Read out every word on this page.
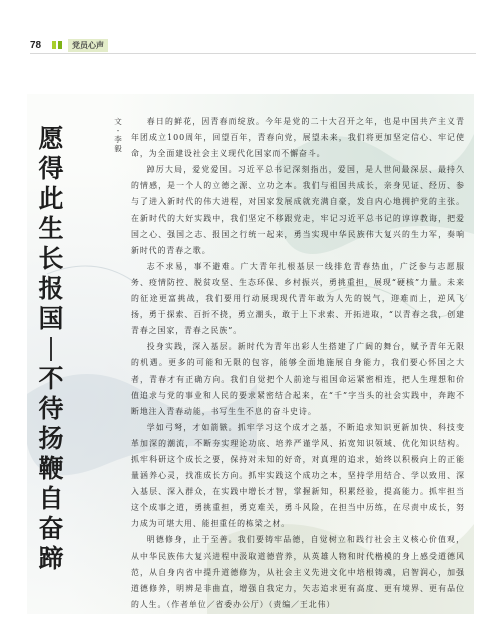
78	党员心声
愿
得
此
生
长
报
国
不
待
扬
鞭
自
奋
蹄
文
-
李
毅

春日的鲜花，因青春而绽放。今年是党的二十大召开之年，也是中国共产主义青年团成立100周年，回望百年，青春向党，展望未来，我们将更加坚定信心、牢记使命，为全面建设社会主义现代化国家而不懈奋斗。

踔厉大局，爱党爱国。习近平总书记深刻指出，爱国，是人世间最深层、最持久的情感，是一个人的立德之源、立功之本。我们与祖国共成长，亲身见证、经历、参与了进入新时代的伟大进程，对国家发展成就充满自豪，发自内心地拥护党的主张。在新时代的大好实践中，我们坚定不移跟党走，牢记习近平总书记的谆谆教诲，把爱国之心、强国之志、报国之行统一起来，勇当实现中华民族伟大复兴的生力军，奏响新时代的青春之歌。

志不求易，事不避难。广大青年扎根基层一线排危青春热血，广泛参与志愿服务、疫情防控、脱贫攻坚、生态环保、乡村振兴，勇挑重担，展现“硬核”力量。未来的征途更富挑战，我们要用行动展现现代青年敢为人先的锐气，迎难而上，逆风飞扬，勇于探索、百折不挠，勇立潮头，敢于上下求索、开拓进取，“以青春之我，创建青春之国家，青春之民族”。

投身实践，深入基层。新时代为青年出彩人生搭建了广阔的舞台，赋予青年无限的机遇。更多的可能和无限的包容，能够全面地施展自身能力，我们要心怀国之大者，青春才有正确方向。我们自觉把个人前途与祖国命运紧密相连，把人生理想和价值追求与党的事业和人民的要求紧密结合起来，在“千”字当头的社会实践中，奔跑不断地注入青春动能，书写生生不息的奋斗史诗。

学如弓弩，才如箭镞。抓牢学习这个成才之基，不断追求知识更新加快、科技变革加深的潮流，不断夯实理论功底、培养严谨学风、拓宽知识领域、优化知识结构。抓牢科研这个成长之要，保持对未知的好奇，对真理的追求，始终以积极向上的正能量涵养心灵，找准成长方向。抓牢实践这个成功之本，坚持学用结合、学以致用、深入基层、深入群众，在实践中增长才智，掌握新知，积累经验，提高能力。抓牢担当这个成事之道，勇挑重担，勇克难关，勇斗风险，在担当中历练，在尽责中成长，努力成为可堪大用、能担重任的栋梁之材。

明德修身，止于至善。我们要铸牢品德，自觉树立和践行社会主义核心价值观，从中华民族伟大复兴进程中汲取道德营养，从英雄人物和时代楷模的身上感受道德风范，从自身内省中提升道德修为，从社会主义先进文化中培根铸魂，启智润心，加强道德修养，明辨是非曲直，增强自我定力，矢志追求更有高度、更有境界、更有品位的人生。（作者单位／省委办公厅）（责编／王北伟）
